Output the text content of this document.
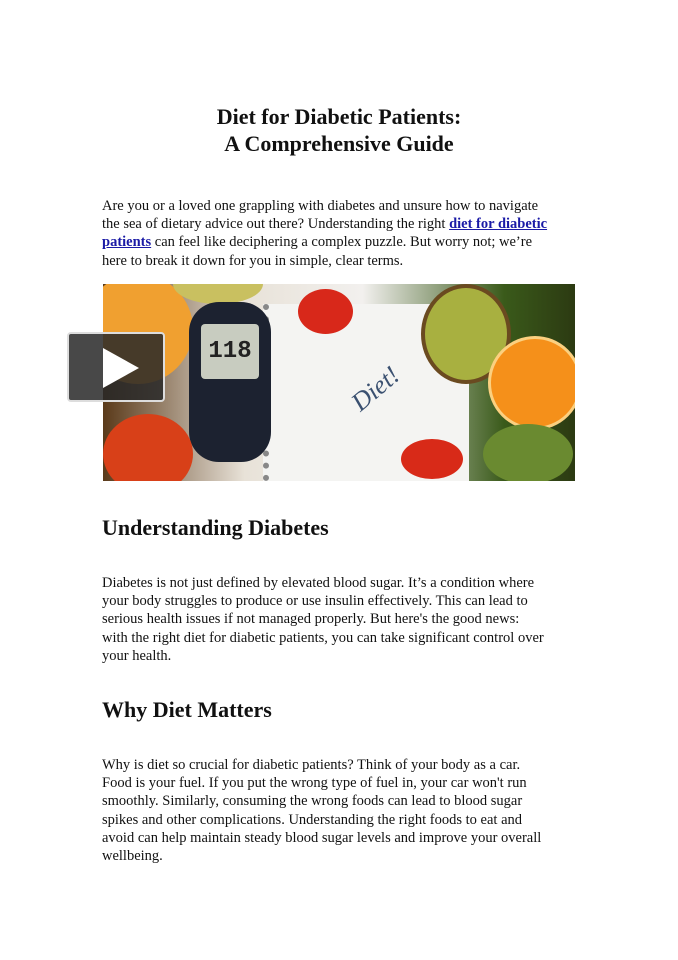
Diet for Diabetic Patients:
A Comprehensive Guide
Are you or a loved one grappling with diabetes and unsure how to navigate
the sea of dietary advice out there? Understanding the right diet for diabetic
patients can feel like deciphering a complex puzzle. But worry not; we’re
here to break it down for you in simple, clear terms.
Diet!
118
Understanding Diabetes
Diabetes is not just defined by elevated blood sugar. It’s a condition where
your body struggles to produce or use insulin effectively. This can lead to
serious health issues if not managed properly. But here's the good news:
with the right diet for diabetic patients, you can take significant control over
your health.
Why Diet Matters
Why is diet so crucial for diabetic patients? Think of your body as a car.
Food is your fuel. If you put the wrong type of fuel in, your car won't run
smoothly. Similarly, consuming the wrong foods can lead to blood sugar
spikes and other complications. Understanding the right foods to eat and
avoid can help maintain steady blood sugar levels and improve your overall
wellbeing.
